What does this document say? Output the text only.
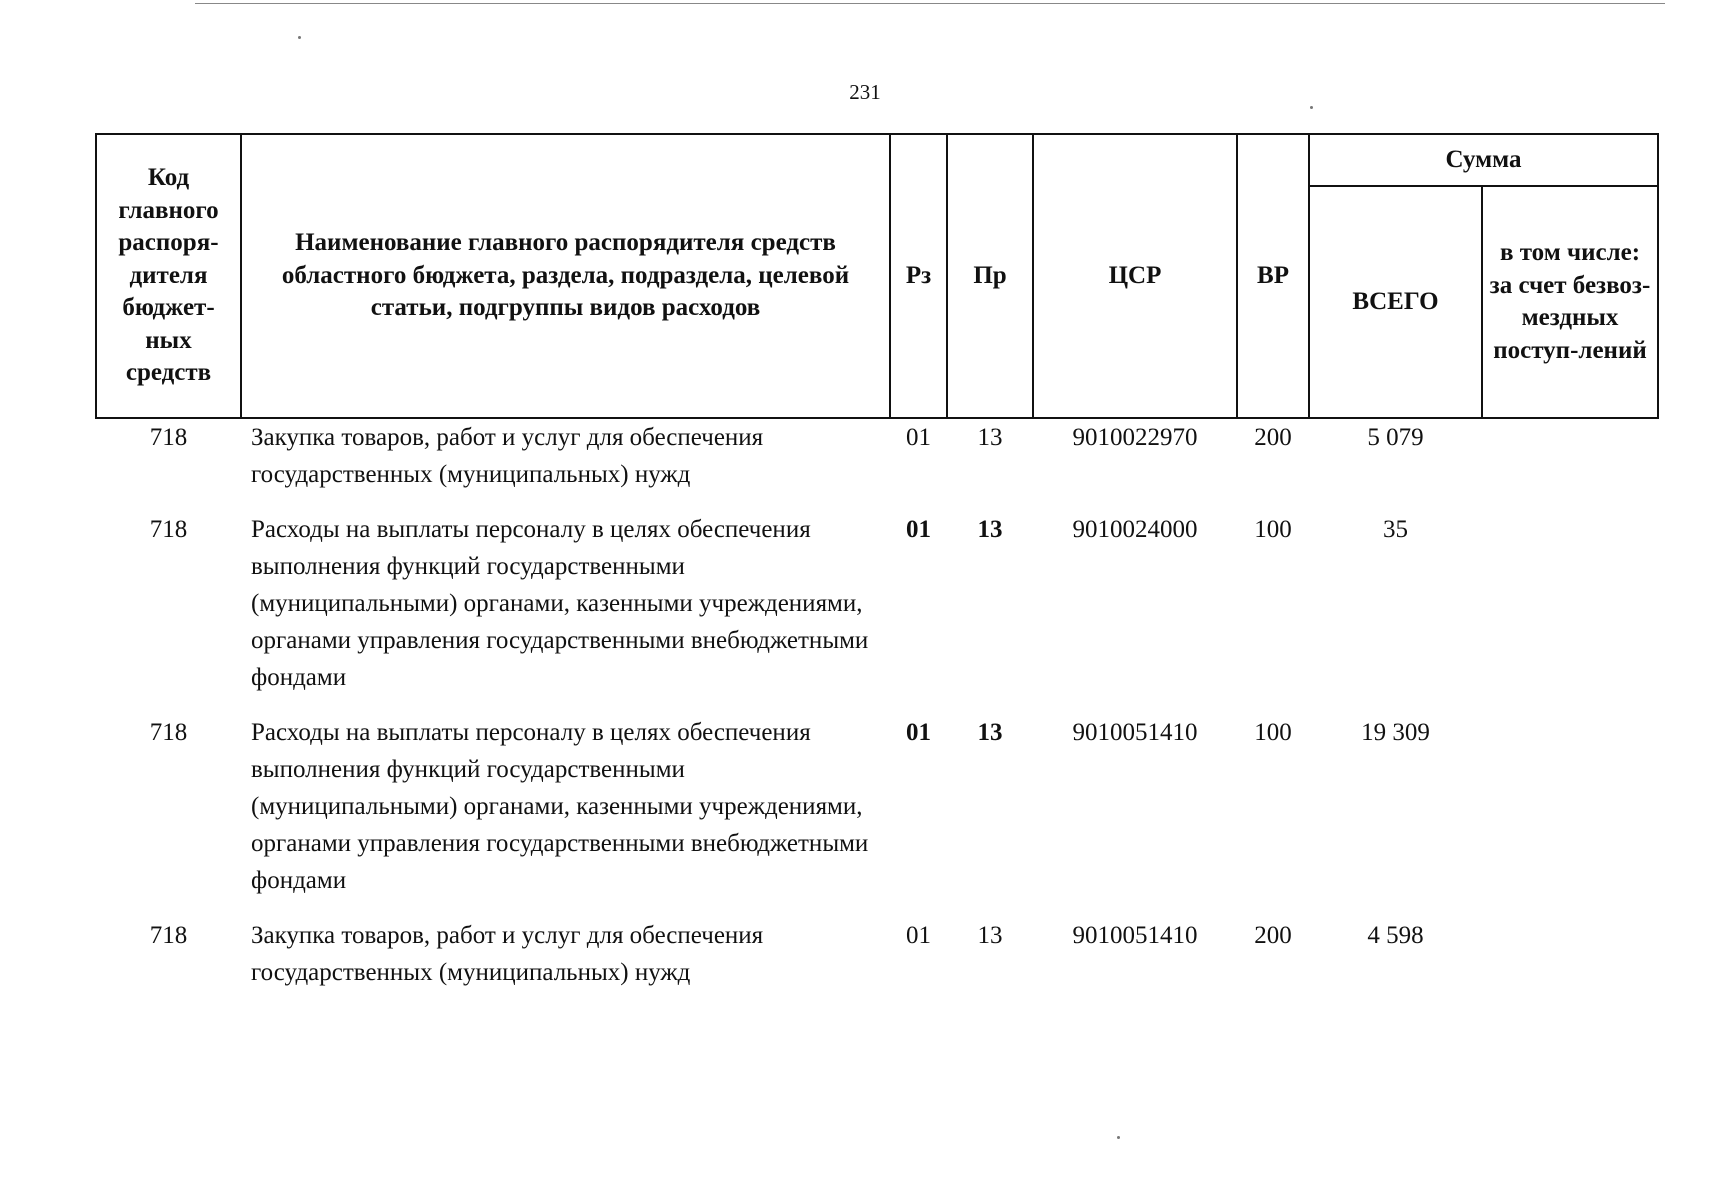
231
Код главного распоря-дителя бюджет-ных средств	Наименование главного распорядителя средств областного бюджета, раздела, подраздела, целевой статьи, подгруппы видов расходов	Рз	Пр	ЦСР	ВР	Сумма	
						ВСЕГО	в том числе: за счет безвоз-мездных поступ-лений
718	Закупка товаров, работ и услуг для обеспечения государственных (муниципальных) нужд	01	13	9010022970	200	5 079	
718	Расходы на выплаты персоналу в целях обеспечения выполнения функций государственными (муниципальными) органами, казенными учреждениями, органами управления государственными внебюджетными фондами	01	13	9010024000	100	35	
718	Расходы на выплаты персоналу в целях обеспечения выполнения функций государственными (муниципальными) органами, казенными учреждениями, органами управления государственными внебюджетными фондами	01	13	9010051410	100	19 309	
718	Закупка товаров, работ и услуг для обеспечения государственных (муниципальных) нужд	01	13	9010051410	200	4 598	
